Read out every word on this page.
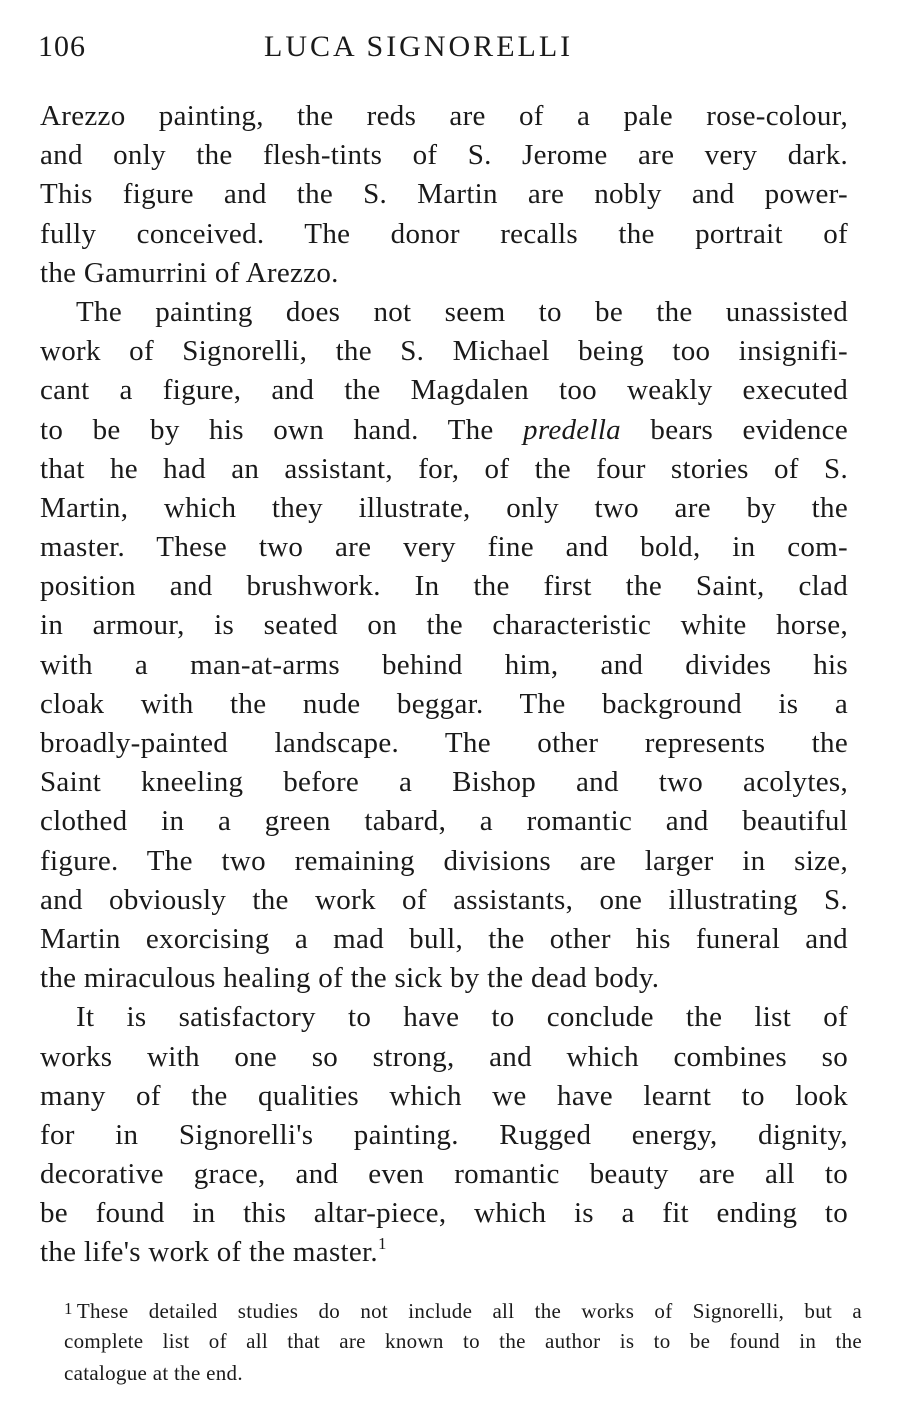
106	LUCA SIGNORELLI
Arezzo painting, the reds are of a pale rose-colour,
and only the flesh-tints of S. Jerome are very dark.
This figure and the S. Martin are nobly and power-
fully conceived. The donor recalls the portrait of
the Gamurrini of Arezzo.
The painting does not seem to be the unassisted
work of Signorelli, the S. Michael being too insignifi-
cant a figure, and the Magdalen too weakly executed
to be by his own hand. The predella bears evidence
that he had an assistant, for, of the four stories of S.
Martin, which they illustrate, only two are by the
master. These two are very fine and bold, in com-
position and brushwork. In the first the Saint, clad
in armour, is seated on the characteristic white horse,
with a man-at-arms behind him, and divides his
cloak with the nude beggar. The background is a
broadly-painted landscape. The other represents the
Saint kneeling before a Bishop and two acolytes,
clothed in a green tabard, a romantic and beautiful
figure. The two remaining divisions are larger in size,
and obviously the work of assistants, one illustrating S.
Martin exorcising a mad bull, the other his funeral and
the miraculous healing of the sick by the dead body.
It is satisfactory to have to conclude the list of
works with one so strong, and which combines so
many of the qualities which we have learnt to look
for in Signorelli's painting. Rugged energy, dignity,
decorative grace, and even romantic beauty are all to
be found in this altar-piece, which is a fit ending to
the life's work of the master.$^1$
1 These detailed studies do not include all the works of Signorelli, but a
complete list of all that are known to the author is to be found in the
catalogue at the end.
